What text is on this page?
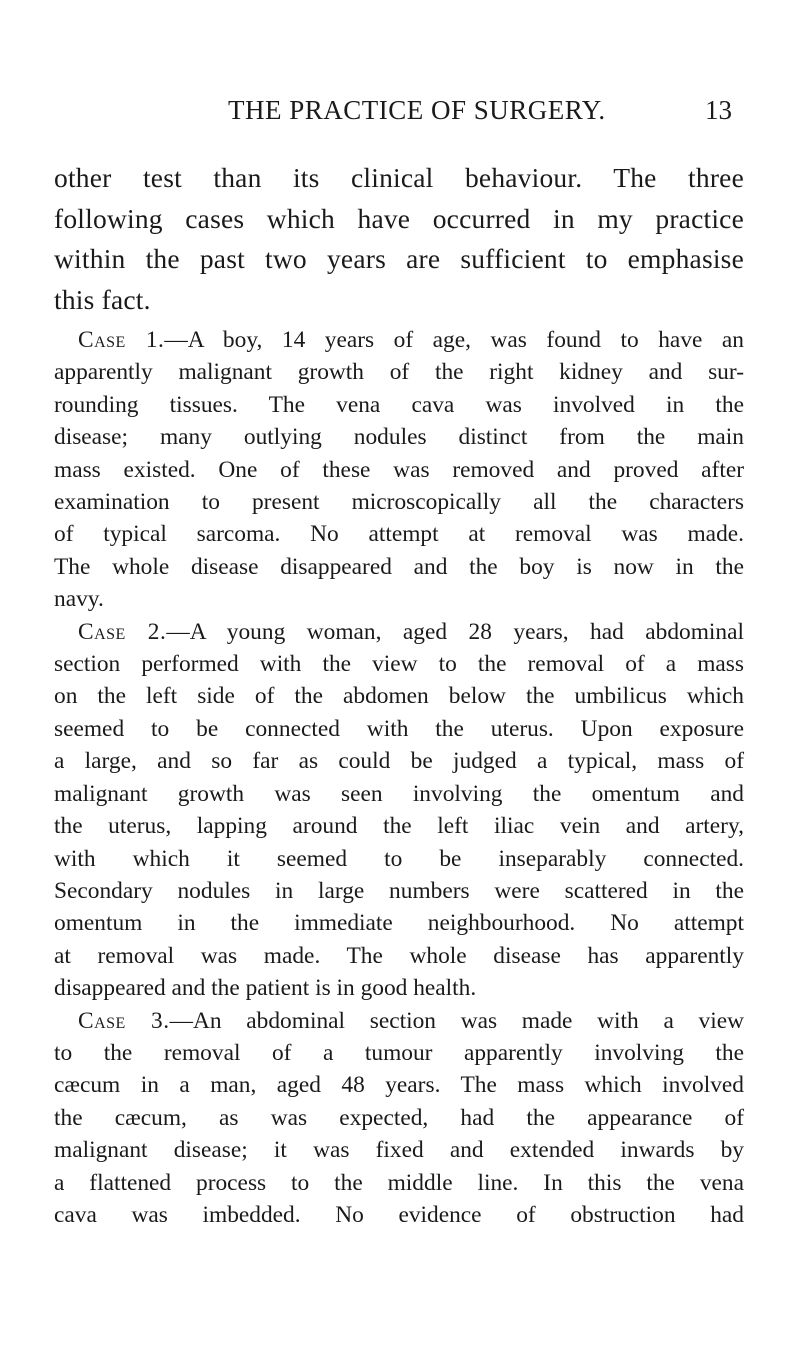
THE PRACTICE OF SURGERY.	13
other test than its clinical behaviour. The three
following cases which have occurred in my practice
within the past two years are sufficient to emphasise
this fact.
Case 1.—A boy, 14 years of age, was found to have an
apparently malignant growth of the right kidney and sur-
rounding tissues. The vena cava was involved in the
disease; many outlying nodules distinct from the main
mass existed. One of these was removed and proved after
examination to present microscopically all the characters
of typical sarcoma. No attempt at removal was made.
The whole disease disappeared and the boy is now in the
navy.
Case 2.—A young woman, aged 28 years, had abdominal
section performed with the view to the removal of a mass
on the left side of the abdomen below the umbilicus which
seemed to be connected with the uterus. Upon exposure
a large, and so far as could be judged a typical, mass of
malignant growth was seen involving the omentum and
the uterus, lapping around the left iliac vein and artery,
with which it seemed to be inseparably connected.
Secondary nodules in large numbers were scattered in the
omentum in the immediate neighbourhood. No attempt
at removal was made. The whole disease has apparently
disappeared and the patient is in good health.
Case 3.—An abdominal section was made with a view
to the removal of a tumour apparently involving the
cæcum in a man, aged 48 years. The mass which involved
the cæcum, as was expected, had the appearance of
malignant disease; it was fixed and extended inwards by
a flattened process to the middle line. In this the vena
cava was imbedded. No evidence of obstruction had
